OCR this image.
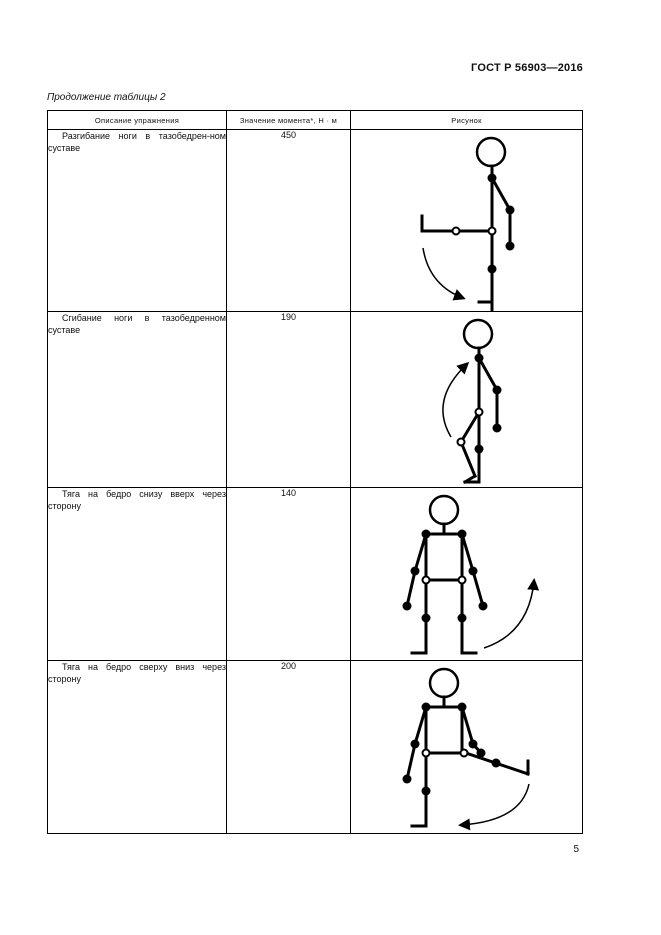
ГОСТ Р 56903—2016
Продолжение таблицы 2
Описание упражнения	Значение момента*, Н · м	Рисунок

Разгибание ноги в тазобедрен-ном суставе	450	

Сгибание ноги в тазобедренном суставе	190	

Тяга на бедро снизу вверх через сторону	140	

Тяга на бедро сверху вниз через сторону	200	
5
